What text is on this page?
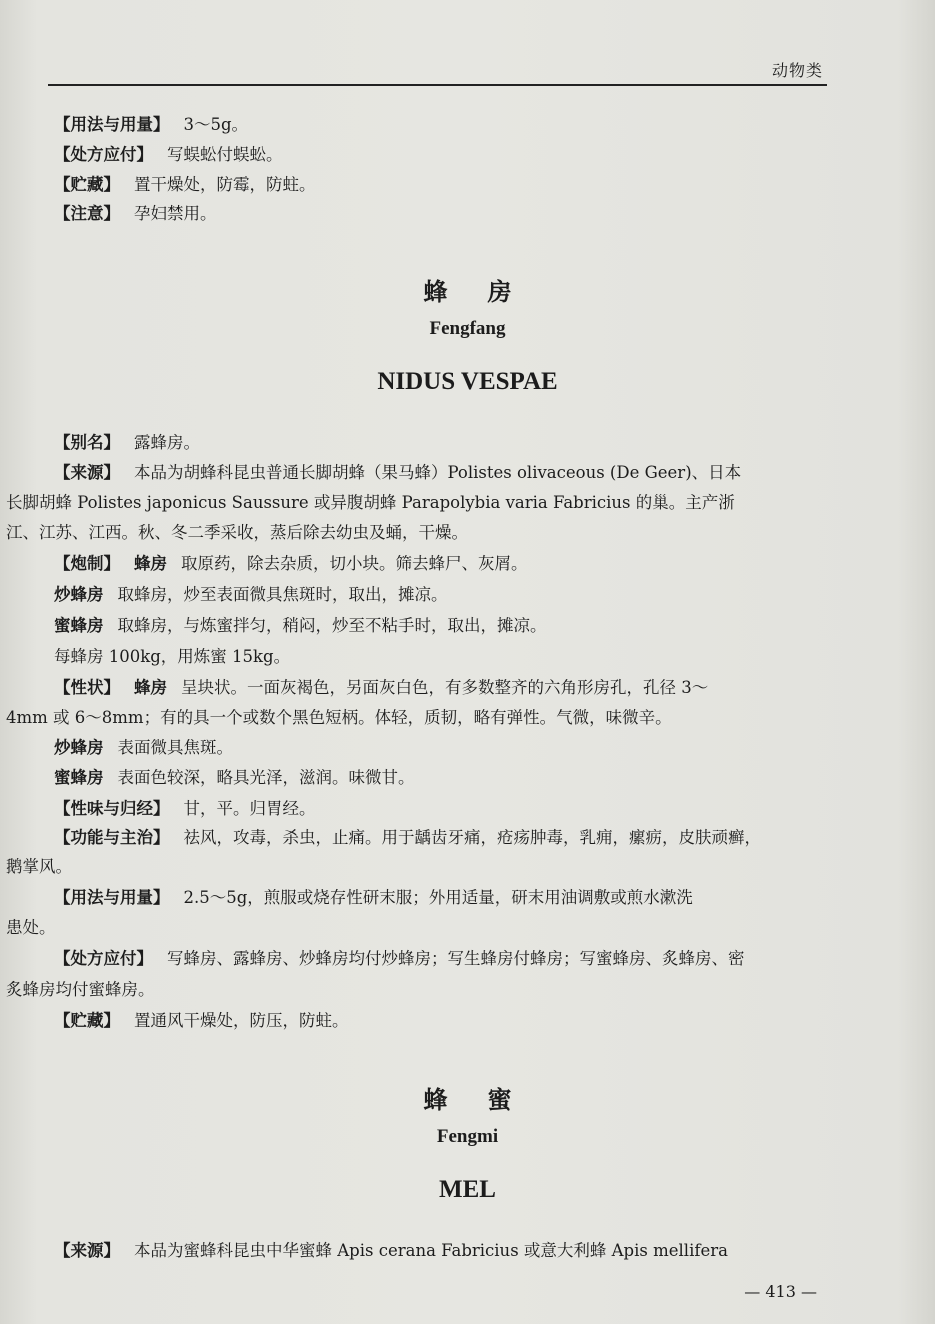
动物类
【用法与用量】 3～5g。
【处方应付】 写蜈蚣付蜈蚣。
【贮藏】 置干燥处，防霉，防蛀。
【注意】 孕妇禁用。
蜂房
Fengfang
NIDUS VESPAE
【别名】 露蜂房。
【来源】 本品为胡蜂科昆虫普通长脚胡蜂（果马蜂）Polistes olivaceous (De Geer)、日本
长脚胡蜂 Polistes japonicus Saussure 或异腹胡蜂 Parapolybia varia Fabricius 的巢。主产浙
江、江苏、江西。秋、冬二季采收，蒸后除去幼虫及蛹，干燥。
【炮制】 蜂房 取原药，除去杂质，切小块。筛去蜂尸、灰屑。
炒蜂房 取蜂房，炒至表面微具焦斑时，取出，摊凉。
蜜蜂房 取蜂房，与炼蜜拌匀，稍闷，炒至不粘手时，取出，摊凉。
每蜂房 100kg，用炼蜜 15kg。
【性状】 蜂房 呈块状。一面灰褐色，另面灰白色，有多数整齐的六角形房孔，孔径 3～
4mm 或 6～8mm；有的具一个或数个黑色短柄。体轻，质韧，略有弹性。气微，味微辛。
炒蜂房 表面微具焦斑。
蜜蜂房 表面色较深，略具光泽，滋润。味微甘。
【性味与归经】 甘，平。归胃经。
【功能与主治】 祛风，攻毒，杀虫，止痛。用于龋齿牙痛，疮疡肿毒，乳痈，瘰疬，皮肤顽癣，
鹅掌风。
【用法与用量】 2.5～5g，煎服或烧存性研末服；外用适量，研末用油调敷或煎水漱洗
患处。
【处方应付】 写蜂房、露蜂房、炒蜂房均付炒蜂房；写生蜂房付蜂房；写蜜蜂房、炙蜂房、密
炙蜂房均付蜜蜂房。
【贮藏】 置通风干燥处，防压，防蛀。
蜂蜜
Fengmi
MEL
【来源】 本品为蜜蜂科昆虫中华蜜蜂 Apis cerana Fabricius 或意大利蜂 Apis mellifera
— 413 —
